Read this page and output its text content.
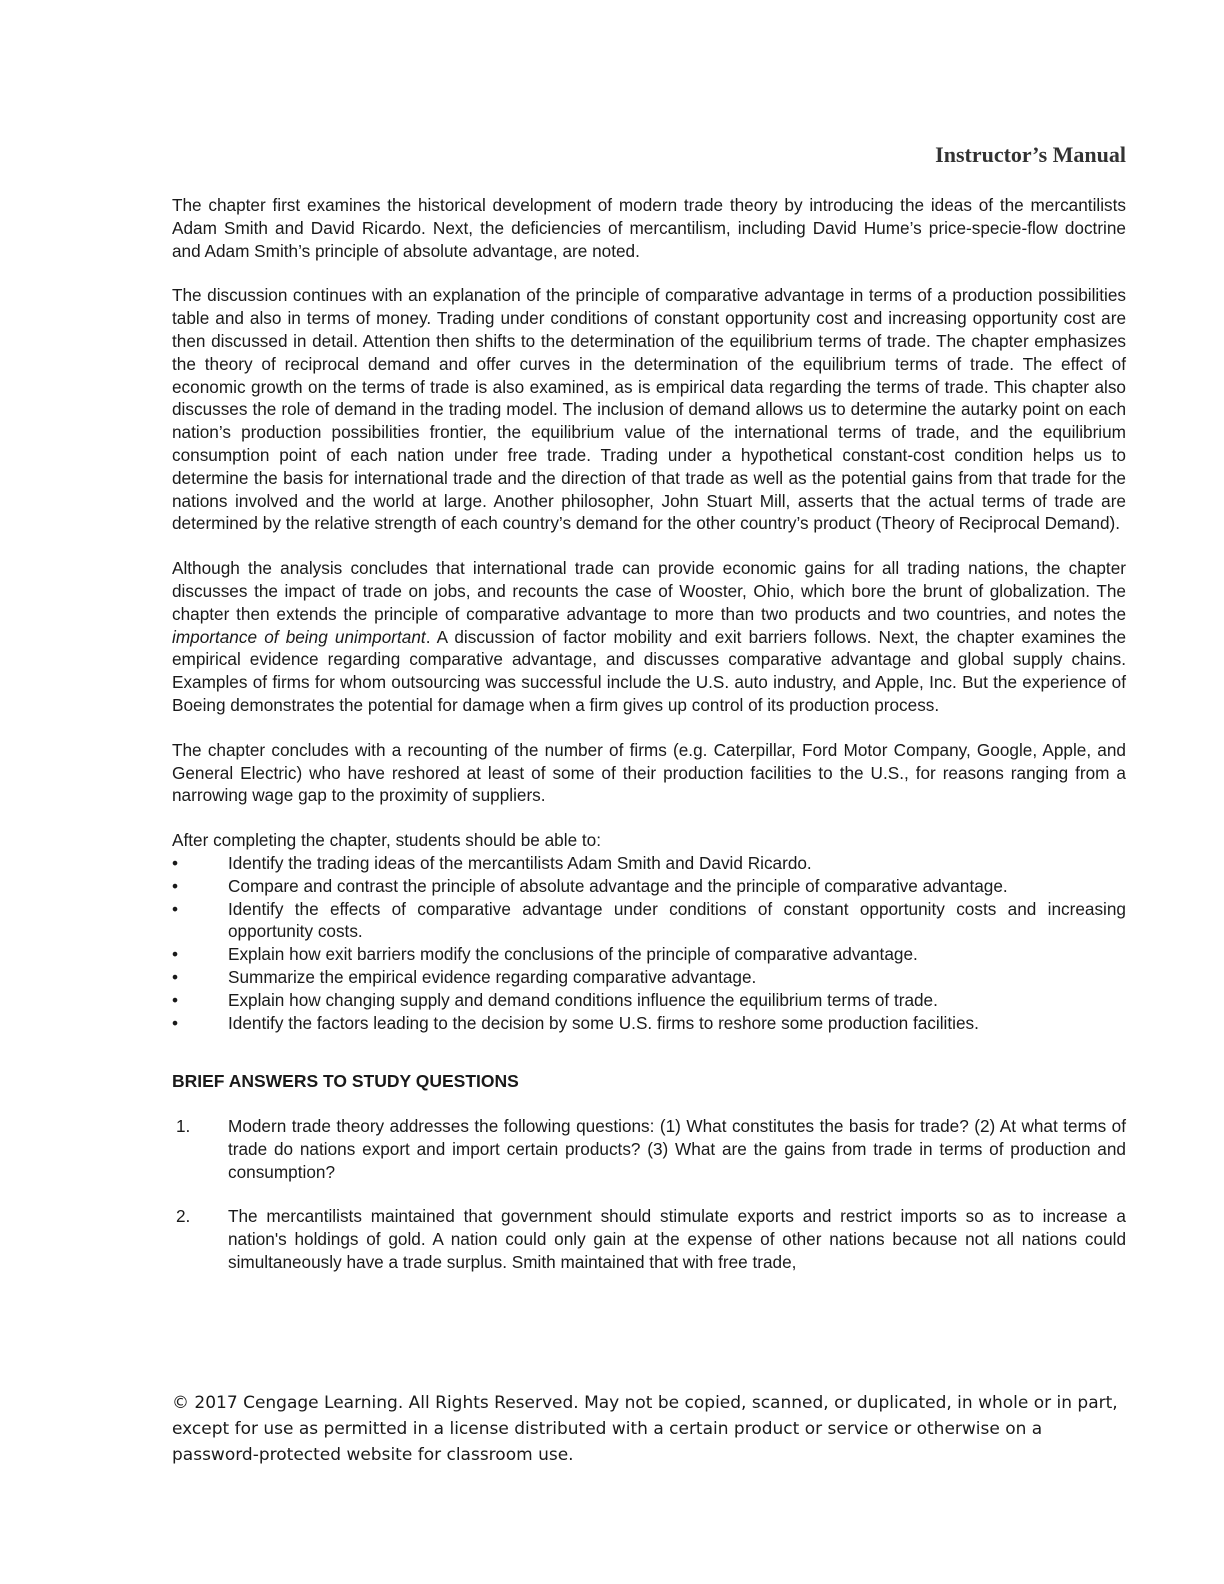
Instructor’s Manual

The chapter first examines the historical development of modern trade theory by introducing the ideas of the mercantilists Adam Smith and David Ricardo. Next, the deficiencies of mercantilism, including David Hume’s price-specie-flow doctrine and Adam Smith’s principle of absolute advantage, are noted.

The discussion continues with an explanation of the principle of comparative advantage in terms of a production possibilities table and also in terms of money. Trading under conditions of constant opportunity cost and increasing opportunity cost are then discussed in detail. Attention then shifts to the determination of the equilibrium terms of trade. The chapter emphasizes the theory of reciprocal demand and offer curves in the determination of the equilibrium terms of trade. The effect of economic growth on the terms of trade is also examined, as is empirical data regarding the terms of trade. This chapter also discusses the role of demand in the trading model. The inclusion of demand allows us to determine the autarky point on each nation’s production possibilities frontier, the equilibrium value of the international terms of trade, and the equilibrium consumption point of each nation under free trade. Trading under a hypothetical constant-cost condition helps us to determine the basis for international trade and the direction of that trade as well as the potential gains from that trade for the nations involved and the world at large. Another philosopher, John Stuart Mill, asserts that the actual terms of trade are determined by the relative strength of each country’s demand for the other country’s product (Theory of Reciprocal Demand).

Although the analysis concludes that international trade can provide economic gains for all trading nations, the chapter discusses the impact of trade on jobs, and recounts the case of Wooster, Ohio, which bore the brunt of globalization. The chapter then extends the principle of comparative advantage to more than two products and two countries, and notes the importance of being unimportant. A discussion of factor mobility and exit barriers follows. Next, the chapter examines the empirical evidence regarding comparative advantage, and discusses comparative advantage and global supply chains. Examples of firms for whom outsourcing was successful include the U.S. auto industry, and Apple, Inc. But the experience of Boeing demonstrates the potential for damage when a firm gives up control of its production process.

The chapter concludes with a recounting of the number of firms (e.g. Caterpillar, Ford Motor Company, Google, Apple, and General Electric) who have reshored at least of some of their production facilities to the U.S., for reasons ranging from a narrowing wage gap to the proximity of suppliers.

After completing the chapter, students should be able to:

•	Identify the trading ideas of the mercantilists Adam Smith and David Ricardo.
•	Compare and contrast the principle of absolute advantage and the principle of comparative advantage.
•	Identify the effects of comparative advantage under conditions of constant opportunity costs and increasing opportunity costs.
•	Explain how exit barriers modify the conclusions of the principle of comparative advantage.
•	Summarize the empirical evidence regarding comparative advantage.
•	Explain how changing supply and demand conditions influence the equilibrium terms of trade.
•	Identify the factors leading to the decision by some U.S. firms to reshore some production facilities.
BRIEF ANSWERS TO STUDY QUESTIONS
1. Modern trade theory addresses the following questions: (1) What constitutes the basis for trade? (2) At what terms of trade do nations export and import certain products? (3) What are the gains from trade in terms of production and consumption?
2. The mercantilists maintained that government should stimulate exports and restrict imports so as to increase a nation's holdings of gold. A nation could only gain at the expense of other nations because not all nations could simultaneously have a trade surplus. Smith maintained that with free trade,
© 2017 Cengage Learning. All Rights Reserved. May not be copied, scanned, or duplicated, in whole or in part, except for use as permitted in a license distributed with a certain product or service or otherwise on a password-protected website for classroom use.
